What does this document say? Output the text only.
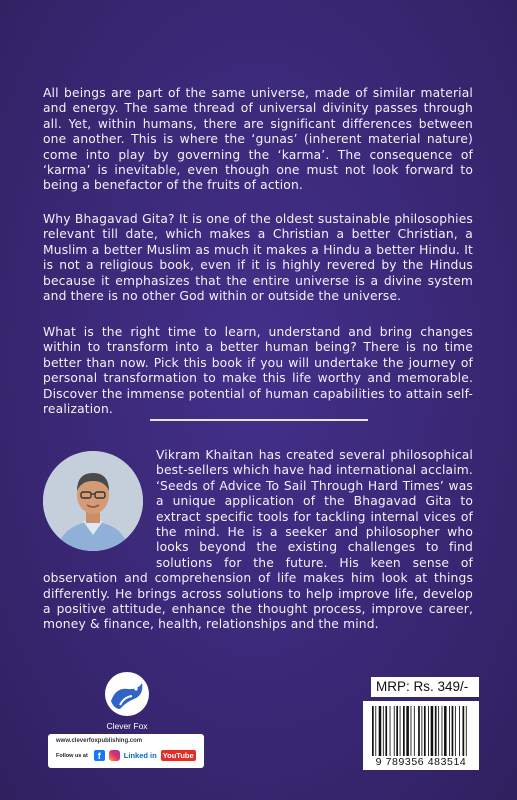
All beings are part of the same universe, made of similar material and energy. The same thread of universal divinity passes through all. Yet, within humans, there are significant differences between one another. This is where the ‘gunas’ (inherent material nature) come into play by governing the ‘karma’. The consequence of ‘karma’ is inevitable, even though one must not look forward to being a benefactor of the fruits of action.
Why Bhagavad Gita? It is one of the oldest sustainable philosophies relevant till date, which makes a Christian a better Christian, a Muslim a better Muslim as much it makes a Hindu a better Hindu. It is not a religious book, even if it is highly revered by the Hindus because it emphasizes that the entire universe is a divine system and there is no other God within or outside the universe.
What is the right time to learn, understand and bring changes within to transform into a better human being? There is no time better than now. Pick this book if you will undertake the journey of personal transformation to make this life worthy and memorable. Discover the immense potential of human capabilities to attain self-realization.
Vikram Khaitan has created several philosophical best-sellers which have had international acclaim. ‘Seeds of Advice To Sail Through Hard Times’ was a unique application of the Bhagavad Gita to extract specific tools for tackling internal vices of the mind. He is a seeker and philosopher who looks beyond the existing challenges to find solutions for the future. His keen sense of observation and comprehension of life makes him look at things differently. He brings across solutions to help improve life, develop a positive attitude, enhance the thought process, improve career, money & finance, health, relationships and the mind.
Clever Fox
www.cleverfoxpublishing.com
Follow us at	f	Linked in YouTube
MRP: Rs. 349/-
9 789356 483514
